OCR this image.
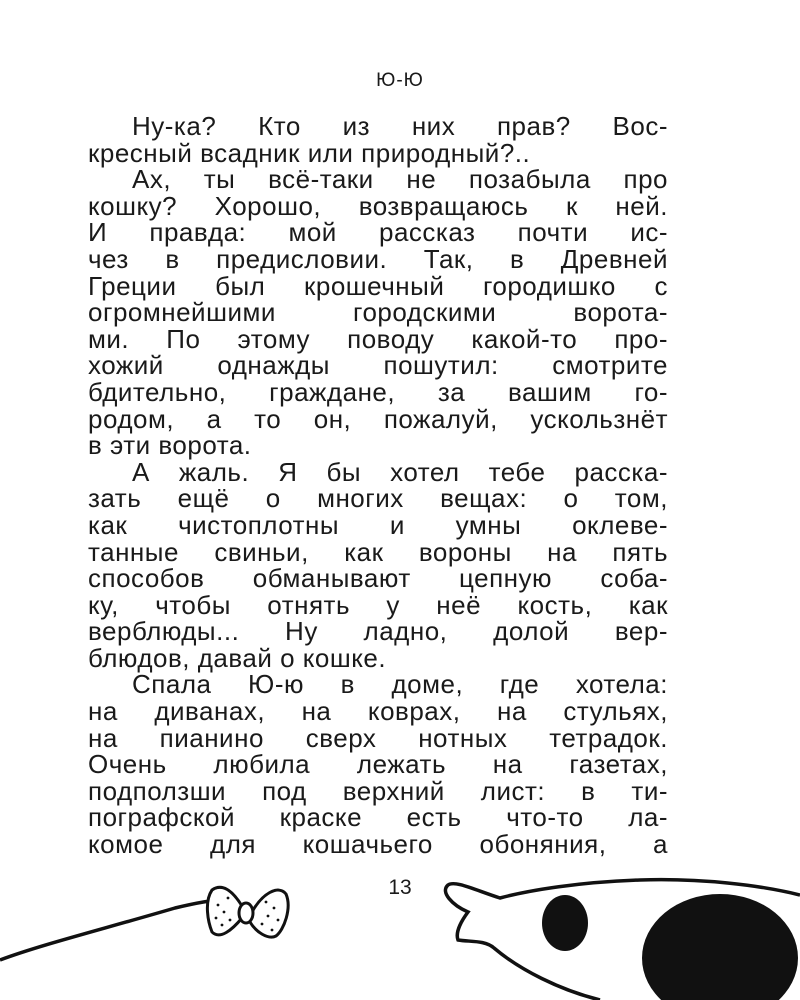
Ю-Ю
Ну-ка? Кто из них прав? Вос-
кресный всадник или природный?..
Ах, ты всё-таки не позабыла про
кошку? Хорошо, возвращаюсь к ней.
И правда: мой рассказ почти ис-
чез в предисловии. Так, в Древней
Греции был крошечный городишко с
огромнейшими городскими ворота-
ми. По этому поводу какой-то про-
хожий однажды пошутил: смотрите
бдительно, граждане, за вашим го-
родом, а то он, пожалуй, ускользнёт
в эти ворота.
А жаль. Я бы хотел тебе расска-
зать ещё о многих вещах: о том,
как чистоплотны и умны оклеве-
танные свиньи, как вороны на пять
способов обманывают цепную соба-
ку, чтобы отнять у неё кость, как
верблюды... Ну ладно, долой вер-
блюдов, давай о кошке.
Спала Ю-ю в доме, где хотела:
на диванах, на коврах, на стульях,
на пианино сверх нотных тетрадок.
Очень любила лежать на газетах,
подползши под верхний лист: в ти-
пографской краске есть что-то ла-
комое для кошачьего обоняния, а
13
